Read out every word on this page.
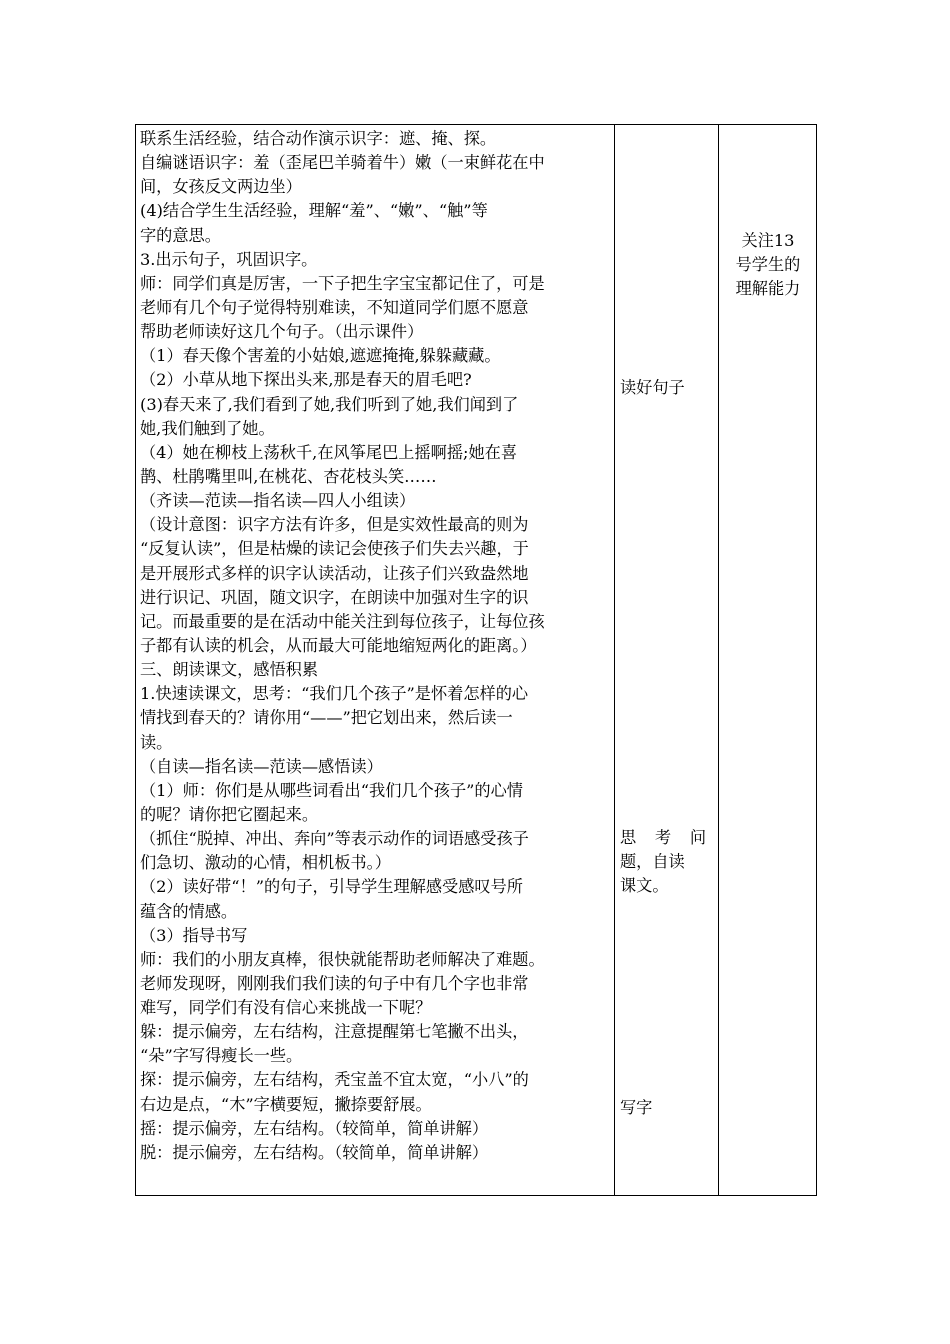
联系生活经验，结合动作演示识字：遮、掩、探。
自编谜语识字：羞（歪尾巴羊骑着牛）嫩（一束鲜花在中
间，女孩反文两边坐）
(4)结合学生生活经验，理解“羞”、“嫩”、“触”等
字的意思。
3.出示句子，巩固识字。
师：同学们真是厉害，一下子把生字宝宝都记住了，可是
老师有几个句子觉得特别难读，不知道同学们愿不愿意
帮助老师读好这几个句子。（出示课件）
（1）春天像个害羞的小姑娘,遮遮掩掩,躲躲藏藏。
（2）小草从地下探出头来,那是春天的眉毛吧?
(3)春天来了,我们看到了她,我们听到了她,我们闻到了
她,我们触到了她。
（4）她在柳枝上荡秋千,在风筝尾巴上摇啊摇;她在喜
鹊、杜鹃嘴里叫,在桃花、杏花枝头笑……
（齐读—范读—指名读—四人小组读）
（设计意图：识字方法有许多，但是实效性最高的则为
“反复认读”，但是枯燥的读记会使孩子们失去兴趣，于
是开展形式多样的识字认读活动，让孩子们兴致盎然地
进行识记、巩固，随文识字，在朗读中加强对生字的识
记。而最重要的是在活动中能关注到每位孩子，让每位孩
子都有认读的机会，从而最大可能地缩短两化的距离。）
三、朗读课文，感悟积累
1.快速读课文，思考：“我们几个孩子”是怀着怎样的心
情找到春天的？请你用“——”把它划出来，然后读一
读。
（自读—指名读—范读—感悟读）
（1）师：你们是从哪些词看出“我们几个孩子”的心情
的呢？请你把它圈起来。
（抓住“脱掉、冲出、奔向”等表示动作的词语感受孩子
们急切、激动的心情，相机板书。）
（2）读好带“！”的句子，引导学生理解感受感叹号所
蕴含的情感。
（3）指导书写
师：我们的小朋友真棒，很快就能帮助老师解决了难题。
老师发现呀，刚刚我们我们读的句子中有几个字也非常
难写，同学们有没有信心来挑战一下呢？
躲：提示偏旁，左右结构，注意提醒第七笔撇不出头，
“朵”字写得瘦长一些。
探：提示偏旁，左右结构，秃宝盖不宜太宽，“小八”的
右边是点，“木”字横要短，撇捺要舒展。
摇：提示偏旁，左右结构。（较简单，简单讲解）
脱：提示偏旁，左右结构。（较简单，简单讲解）
读好句子
思 考 问
题，自读
课文。
写字
关注13
号学生的
理解能力
